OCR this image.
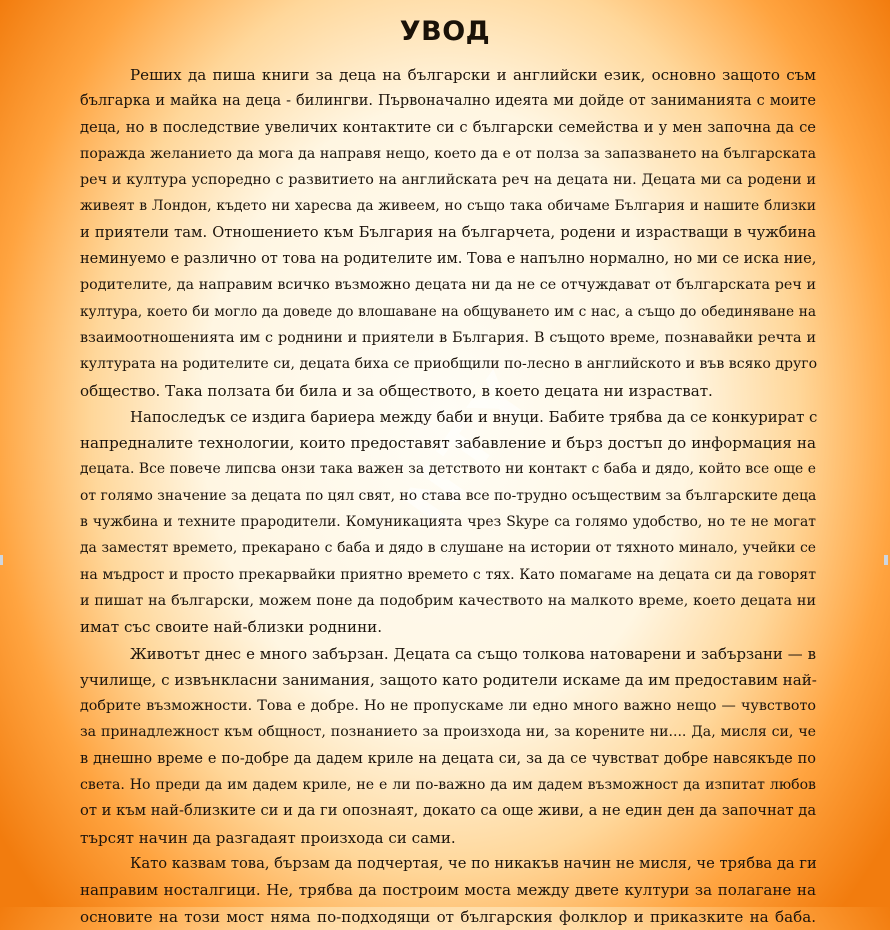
УВОД
NTY
Реших да пиша книги за деца на български и английски език, основно защото съм
българка и майка на деца - билингви. Първоначално идеята ми дойде от заниманията с моите
деца, но в последствие увеличих контактите си с български семейства и у мен започна да се
поражда желанието да мога да направя нещо, което да е от полза за запазването на българската
реч и култура успоредно с развитието на английската реч на децата ни. Децата ми са родени и
живеят в Лондон, където ни харесва да живеем, но също така обичаме България и нашите близки
и приятели там. Отношението към България на българчета, родени и израстващи в чужбина
неминуемо е различно от това на родителите им. Това е напълно нормално, но ми се иска ние,
родителите, да направим всичко възможно децата ни да не се отчуждават от българската реч и
култура, което би могло да доведе до влошаване на общуването им с нас, а също до обединяване на
взаимоотношенията им с роднини и приятели в България. В същото време, познавайки речта и
културата на родителите си, децата биха се приобщили по-лесно в английското и във всяко друго
общество. Така ползата би била и за обществото, в което децата ни израстват.
Напоследък се издига бариера между баби и внуци. Бабите трябва да се конкурират с
напредналите технологии, които предоставят забавление и бърз достъп до информация на
децата. Все повече липсва онзи така важен за детството ни контакт с баба и дядо, който все още е
от голямо значение за децата по цял свят, но става все по-трудно осъществим за българските деца
в чужбина и техните прародители. Комуникацията чрез Skype са голямо удобство, но те не могат
да заместят времето, прекарано с баба и дядо в слушане на истории от тяхното минало, учейки се
на мъдрост и просто прекарвайки приятно времето с тях. Като помагаме на децата си да говорят
и пишат на български, можем поне да подобрим качеството на малкото време, което децата ни
имат със своите най-близки роднини.
Животът днес е много забързан. Децата са също толкова натоварени и забързани — в
училище, с извънкласни занимания, защото като родители искаме да им предоставим най-
добрите възможности. Това е добре. Но не пропускаме ли едно много важно нещо — чувството
за принадлежност към общност, познанието за произхода ни, за корените ни.... Да, мисля си, че
в днешно време е по-добре да дадем криле на децата си, за да се чувстват добре навсякъде по
света. Но преди да им дадем криле, не е ли по-важно да им дадем възможност да изпитат любов
от и към най-близките си и да ги опознаят, докато са още живи, а не един ден да започнат да
търсят начин да разгадаят произхода си сами.
Като казвам това, бързам да подчертая, че по никакъв начин не мисля, че трябва да ги
направим носталгици. Не, трябва да построим моста между двете култури за полагане на
основите на този мост няма по-подходящи от българския фолклор и приказките на баба.
